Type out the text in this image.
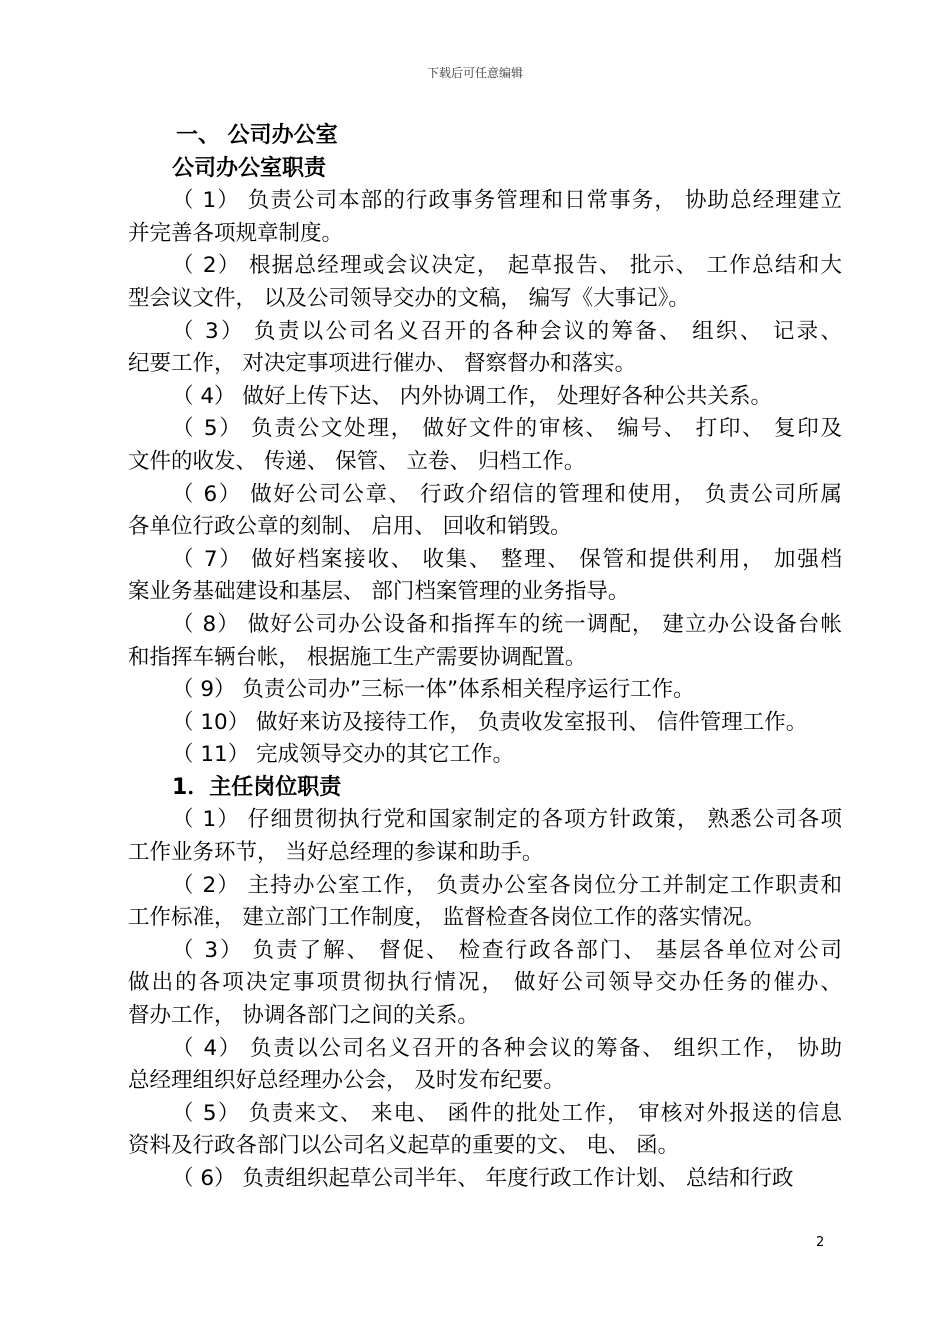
下载后可任意编辑
一、 公司办公室
公司办公室职责
（ 1） 负责公司本部的行政事务管理和日常事务， 协助总经理建立
并完善各项规章制度。
（ 2） 根据总经理或会议决定， 起草报告、 批示、 工作总结和大
型会议文件， 以及公司领导交办的文稿， 编写《大事记》。
（ 3） 负责以公司名义召开的各种会议的筹备、 组织、 记录、
纪要工作， 对决定事项进行催办、 督察督办和落实。
（ 4） 做好上传下达、 内外协调工作， 处理好各种公共关系。
（ 5） 负责公文处理， 做好文件的审核、 编号、 打印、 复印及
文件的收发、 传递、 保管、 立卷、 归档工作。
（ 6） 做好公司公章、 行政介绍信的管理和使用， 负责公司所属
各单位行政公章的刻制、 启用、 回收和销毁。
（ 7） 做好档案接收、 收集、 整理、 保管和提供利用， 加强档
案业务基础建设和基层、 部门档案管理的业务指导。
（ 8） 做好公司办公设备和指挥车的统一调配， 建立办公设备台帐
和指挥车辆台帐， 根据施工生产需要协调配置。
（ 9） 负责公司办”三标一体”体系相关程序运行工作。
（ 10） 做好来访及接待工作， 负责收发室报刊、 信件管理工作。
（ 11） 完成领导交办的其它工作。
1．主任岗位职责
（ 1） 仔细贯彻执行党和国家制定的各项方针政策， 熟悉公司各项
工作业务环节， 当好总经理的参谋和助手。
（ 2） 主持办公室工作， 负责办公室各岗位分工并制定工作职责和
工作标准， 建立部门工作制度， 监督检查各岗位工作的落实情况。
（ 3） 负责了解、 督促、 检查行政各部门、 基层各单位对公司
做出的各项决定事项贯彻执行情况， 做好公司领导交办任务的催办、
督办工作， 协调各部门之间的关系。
（ 4） 负责以公司名义召开的各种会议的筹备、 组织工作， 协助
总经理组织好总经理办公会， 及时发布纪要。
（ 5） 负责来文、 来电、 函件的批处工作， 审核对外报送的信息
资料及行政各部门以公司名义起草的重要的文、 电、 函。
（ 6） 负责组织起草公司半年、 年度行政工作计划、 总结和行政
2
